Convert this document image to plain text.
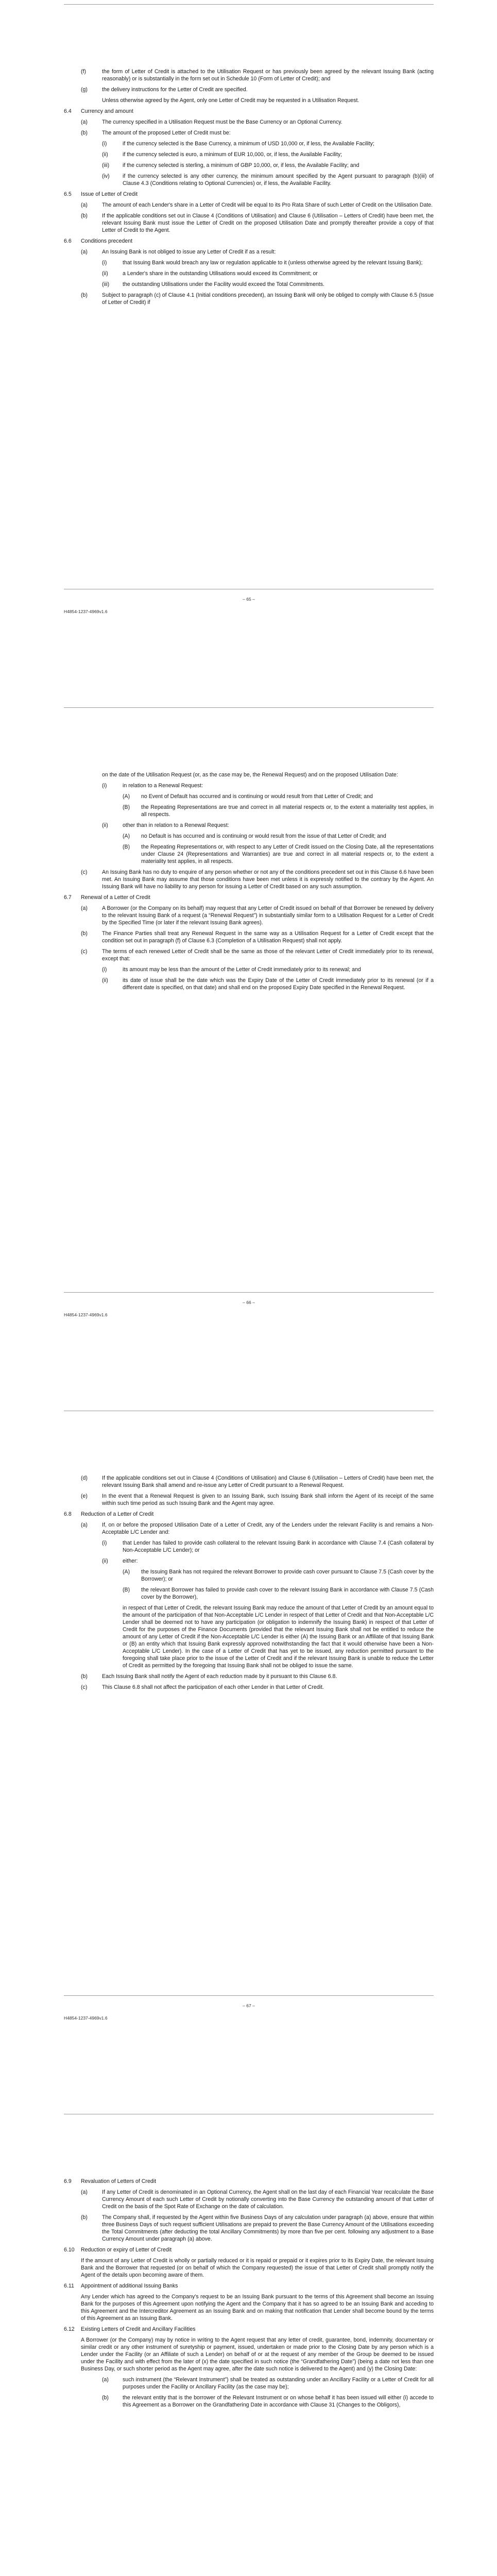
(f)	the form of Letter of Credit is attached to the Utilisation Request or has previously been agreed by the relevant Issuing Bank (acting reasonably) or is substantially in the form set out in Schedule 10 (Form of Letter of Credit); and
(g)	the delivery instructions for the Letter of Credit are specified.
Unless otherwise agreed by the Agent, only one Letter of Credit may be requested in a Utilisation Request.
6.4	Currency and amount
(a)	The currency specified in a Utilisation Request must be the Base Currency or an Optional Currency.
(b)	The amount of the proposed Letter of Credit must be:
(i)	if the currency selected is the Base Currency, a minimum of USD 10,000 or, if less, the Available Facility;
(ii)	if the currency selected is euro, a minimum of EUR 10,000, or, if less, the Available Facility;
(iii)	if the currency selected is sterling, a minimum of GBP 10,000, or, if less, the Available Facility; and
(iv)	if the currency selected is any other currency, the minimum amount specified by the Agent pursuant to paragraph (b)(iii) of Clause 4.3 (Conditions relating to Optional Currencies) or, if less, the Available Facility.
6.5	Issue of Letter of Credit
(a)	The amount of each Lender's share in a Letter of Credit will be equal to its Pro Rata Share of such Letter of Credit on the Utilisation Date.
(b)	If the applicable conditions set out in Clause 4 (Conditions of Utilisation) and Clause 6 (Utilisation – Letters of Credit) have been met, the relevant Issuing Bank must issue the Letter of Credit on the proposed Utilisation Date and promptly thereafter provide a copy of that Letter of Credit to the Agent.
6.6	Conditions precedent
(a)	An Issuing Bank is not obliged to issue any Letter of Credit if as a result:
(i)	that Issuing Bank would breach any law or regulation applicable to it (unless otherwise agreed by the relevant Issuing Bank);
(ii)	a Lender's share in the outstanding Utilisations would exceed its Commitment; or
(iii)	the outstanding Utilisations under the Facility would exceed the Total Commitments.
(b)	Subject to paragraph (c) of Clause 4.1 (Initial conditions precedent), an Issuing Bank will only be obliged to comply with Clause 6.5 (Issue of Letter of Credit) if
– 65 –
H4854-1237-4969v1.6
on the date of the Utilisation Request (or, as the case may be, the Renewal Request) and on the proposed Utilisation Date:
(i)	in relation to a Renewal Request:
(A)	no Event of Default has occurred and is continuing or would result from that Letter of Credit; and
(B)	the Repeating Representations are true and correct in all material respects or, to the extent a materiality test applies, in all respects.
(ii)	other than in relation to a Renewal Request:
(A)	no Default is has occurred and is continuing or would result from the issue of that Letter of Credit; and
(B)	the Repeating Representations or, with respect to any Letter of Credit issued on the Closing Date, all the representations under Clause 24 (Representations and Warranties) are true and correct in all material respects or, to the extent a materiality test applies, in all respects.
(c)	An Issuing Bank has no duty to enquire of any person whether or not any of the conditions precedent set out in this Clause 6.6 have been met. An Issuing Bank may assume that those conditions have been met unless it is expressly notified to the contrary by the Agent. An Issuing Bank will have no liability to any person for issuing a Letter of Credit based on any such assumption.
6.7	Renewal of a Letter of Credit
(a)	A Borrower (or the Company on its behalf) may request that any Letter of Credit issued on behalf of that Borrower be renewed by delivery to the relevant Issuing Bank of a request (a “Renewal Request”) in substantially similar form to a Utilisation Request for a Letter of Credit by the Specified Time (or later if the relevant Issuing Bank agrees).
(b)	The Finance Parties shall treat any Renewal Request in the same way as a Utilisation Request for a Letter of Credit except that the condition set out in paragraph (f) of Clause 6.3 (Completion of a Utilisation Request) shall not apply.
(c)	The terms of each renewed Letter of Credit shall be the same as those of the relevant Letter of Credit immediately prior to its renewal, except that:
(i)	its amount may be less than the amount of the Letter of Credit immediately prior to its renewal; and
(ii)	its date of issue shall be the date which was the Expiry Date of the Letter of Credit immediately prior to its renewal (or if a different date is specified, on that date) and shall end on the proposed Expiry Date specified in the Renewal Request.
– 66 –
H4854-1237-4969v1.6
(d)	If the applicable conditions set out in Clause 4 (Conditions of Utilisation) and Clause 6 (Utilisation – Letters of Credit) have been met, the relevant Issuing Bank shall amend and re-issue any Letter of Credit pursuant to a Renewal Request.
(e)	In the event that a Renewal Request is given to an Issuing Bank, such Issuing Bank shall inform the Agent of its receipt of the same within such time period as such Issuing Bank and the Agent may agree.
6.8	Reduction of a Letter of Credit
(a)	If, on or before the proposed Utilisation Date of a Letter of Credit, any of the Lenders under the relevant Facility is and remains a Non-Acceptable L/C Lender and:
(i)	that Lender has failed to provide cash collateral to the relevant Issuing Bank in accordance with Clause 7.4 (Cash collateral by Non-Acceptable L/C Lender); or
(ii)	either:
(A)	the Issuing Bank has not required the relevant Borrower to provide cash cover pursuant to Clause 7.5 (Cash cover by the Borrower); or
(B)	the relevant Borrower has failed to provide cash cover to the relevant Issuing Bank in accordance with Clause 7.5 (Cash cover by the Borrower),
in respect of that Letter of Credit, the relevant Issuing Bank may reduce the amount of that Letter of Credit by an amount equal to the amount of the participation of that Non-Acceptable L/C Lender in respect of that Letter of Credit and that Non-Acceptable L/C Lender shall be deemed not to have any participation (or obligation to indemnify the Issuing Bank) in respect of that Letter of Credit for the purposes of the Finance Documents (provided that the relevant Issuing Bank shall not be entitled to reduce the amount of any Letter of Credit if the Non-Acceptable L/C Lender is either (A) the Issuing Bank or an Affiliate of that Issuing Bank or (B) an entity which that Issuing Bank expressly approved notwithstanding the fact that it would otherwise have been a Non-Acceptable L/C Lender). In the case of a Letter of Credit that has yet to be issued, any reduction permitted pursuant to the foregoing shall take place prior to the issue of the Letter of Credit and if the relevant Issuing Bank is unable to reduce the Letter of Credit as permitted by the foregoing that Issuing Bank shall not be obliged to issue the same.
(b)	Each Issuing Bank shall notify the Agent of each reduction made by it pursuant to this Clause 6.8.
(c)	This Clause 6.8 shall not affect the participation of each other Lender in that Letter of Credit.
– 67 –
H4854-1237-4969v1.6
6.9	Revaluation of Letters of Credit
(a)	If any Letter of Credit is denominated in an Optional Currency, the Agent shall on the last day of each Financial Year recalculate the Base Currency Amount of each such Letter of Credit by notionally converting into the Base Currency the outstanding amount of that Letter of Credit on the basis of the Spot Rate of Exchange on the date of calculation.
(b)	The Company shall, if requested by the Agent within five Business Days of any calculation under paragraph (a) above, ensure that within three Business Days of such request sufficient Utilisations are prepaid to prevent the Base Currency Amount of the Utilisations exceeding the Total Commitments (after deducting the total Ancillary Commitments) by more than five per cent. following any adjustment to a Base Currency Amount under paragraph (a) above.
6.10	Reduction or expiry of Letter of Credit
If the amount of any Letter of Credit is wholly or partially reduced or it is repaid or prepaid or it expires prior to its Expiry Date, the relevant Issuing Bank and the Borrower that requested (or on behalf of which the Company requested) the issue of that Letter of Credit shall promptly notify the Agent of the details upon becoming aware of them.
6.11	Appointment of additional Issuing Banks
Any Lender which has agreed to the Company's request to be an Issuing Bank pursuant to the terms of this Agreement shall become an Issuing Bank for the purposes of this Agreement upon notifying the Agent and the Company that it has so agreed to be an Issuing Bank and acceding to this Agreement and the Intercreditor Agreement as an Issuing Bank and on making that notification that Lender shall become bound by the terms of this Agreement as an Issuing Bank.
6.12	Existing Letters of Credit and Ancillary Facilities
A Borrower (or the Company) may by notice in writing to the Agent request that any letter of credit, guarantee, bond, indemnity, documentary or similar credit or any other instrument of suretyship or payment, issued, undertaken or made prior to the Closing Date by any person which is a Lender under the Facility (or an Affiliate of such a Lender) on behalf of or at the request of any member of the Group be deemed to be issued under the Facility and with effect from the later of (x) the date specified in such notice (the “Grandfathering Date”) (being a date not less than one Business Day, or such shorter period as the Agent may agree, after the date such notice is delivered to the Agent) and (y) the Closing Date:
(a)	such instrument (the “Relevant Instrument”) shall be treated as outstanding under an Ancillary Facility or a Letter of Credit for all purposes under the Facility or Ancillary Facility (as the case may be);
(b)	the relevant entity that is the borrower of the Relevant Instrument or on whose behalf it has been issued will either (i) accede to this Agreement as a Borrower on the Grandfathering Date in accordance with Clause 31 (Changes to the Obligors),
